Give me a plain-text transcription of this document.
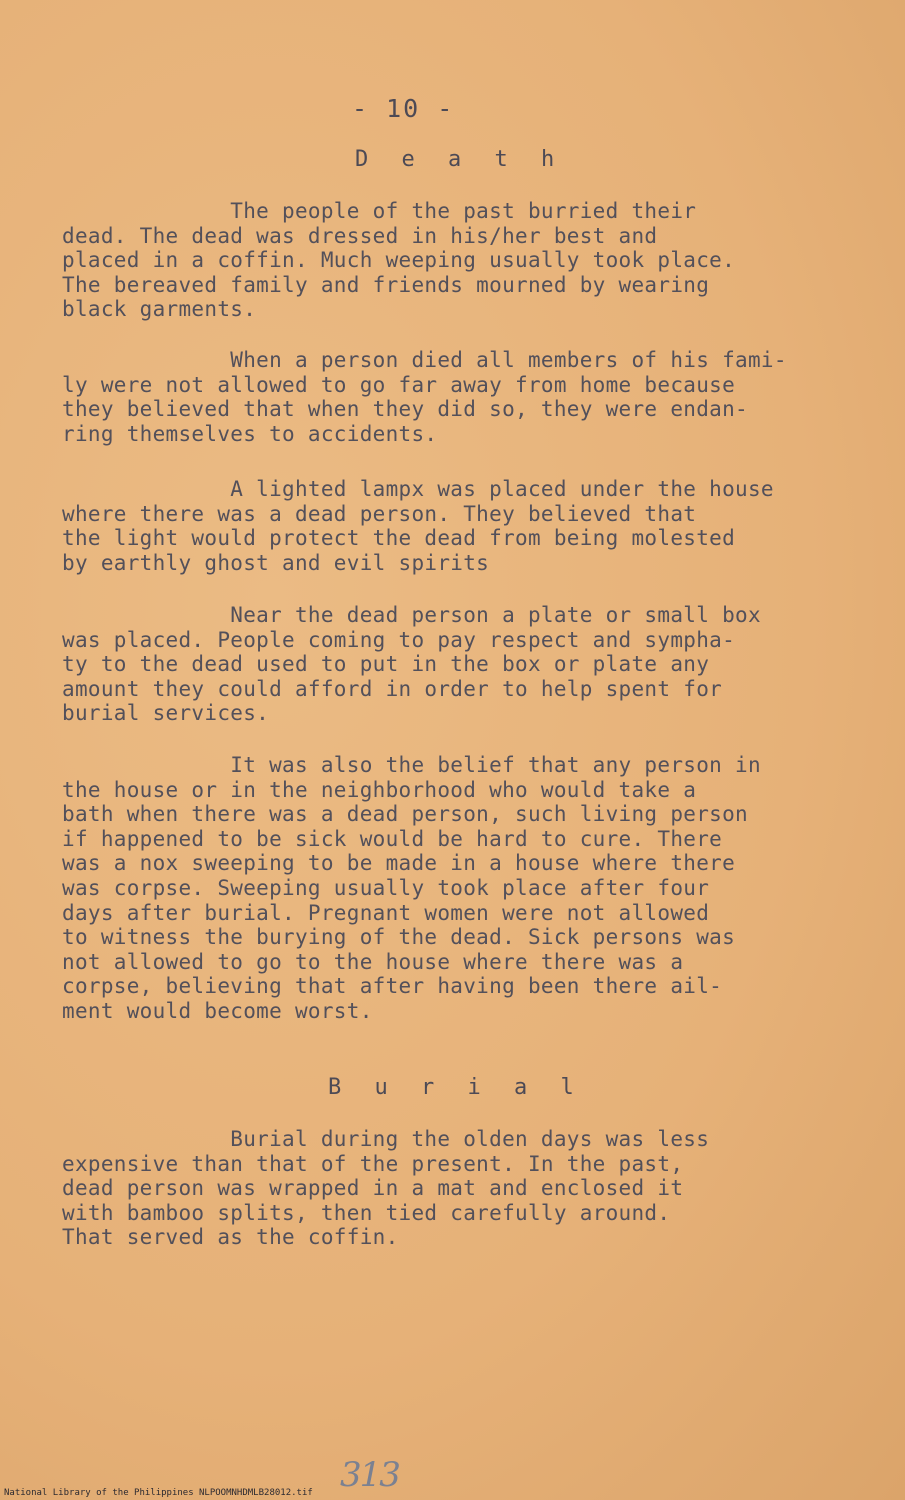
- 10 -
D e a t h
The people of the past burried their
dead. The dead was dressed in his/her best and
placed in a coffin. Much weeping usually took place.
The bereaved family and friends mourned by wearing
black garments.
When a person died all members of his fami-
ly were not allowed to go far away from home because
they believed that when they did so, they were endan-
ring themselves to accidents.
A lighted lampx was placed under the house
where there was a dead person. They believed that
the light would protect the dead from being molested
by earthly ghost and evil spirits
Near the dead person a plate or small box
was placed. People coming to pay respect and sympha-
ty to the dead used to put in the box or plate any
amount they could afford in order to help spent for
burial services.
It was also the belief that any person in
the house or in the neighborhood who would take a
bath when there was a dead person, such living person
if happened to be sick would be hard to cure. There
was a nox sweeping to be made in a house where there
was corpse. Sweeping usually took place after four
days after burial. Pregnant women were not allowed
to witness the burying of the dead. Sick persons was
not allowed to go to the house where there was a
corpse, believing that after having been there ail-
ment would become worst.
B u r i a l
Burial during the olden days was less
expensive than that of the present. In the past,
dead person was wrapped in a mat and enclosed it
with bamboo splits, then tied carefully around.
That served as the coffin.
313
National Library of the Philippines NLPOOMNHDMLB28012.tif
